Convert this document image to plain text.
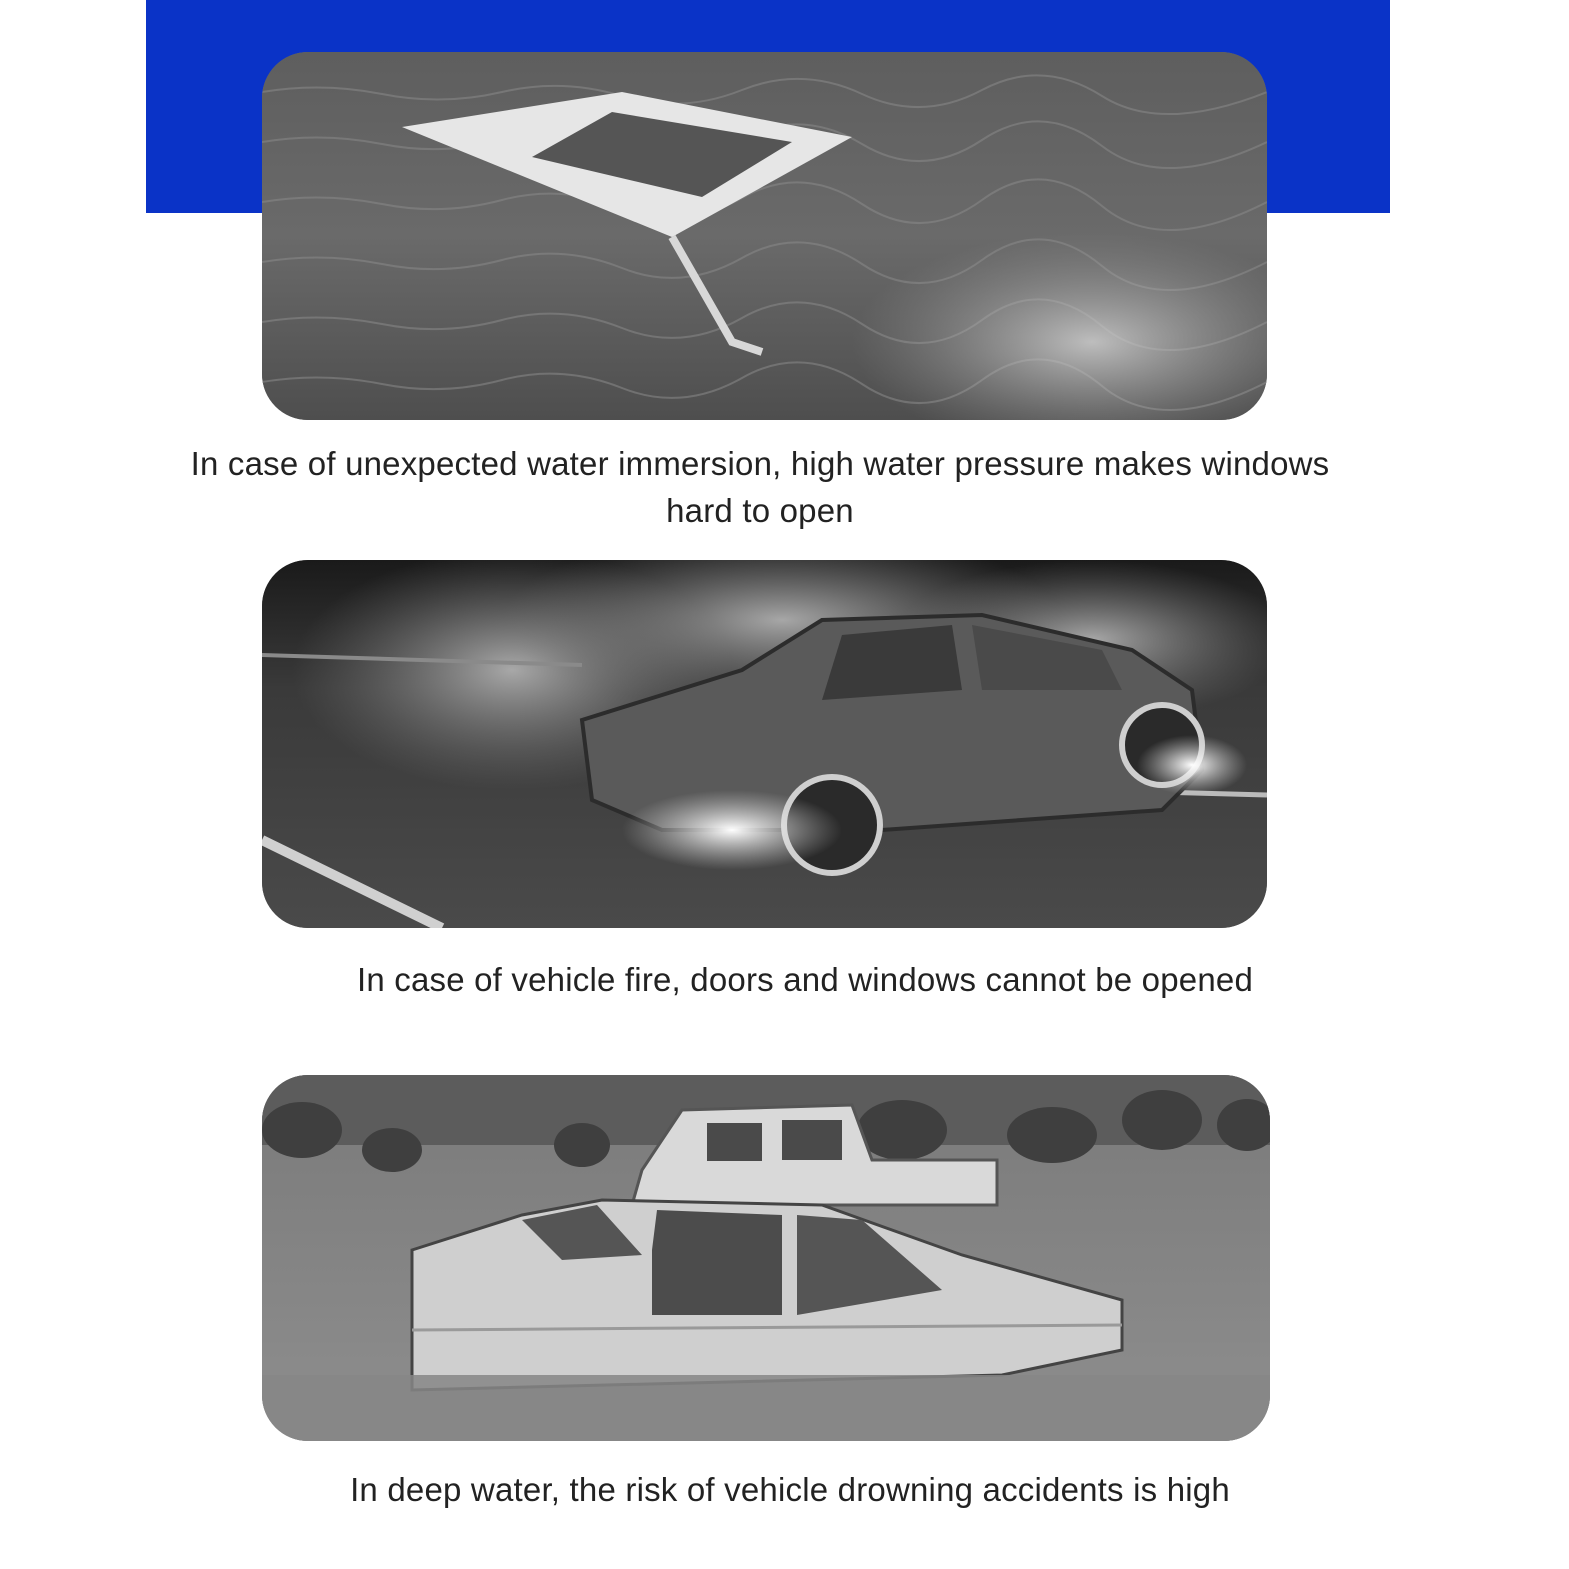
In case of unexpected water immersion, high water pressure makes windows hard to open

In case of vehicle fire, doors and windows cannot be opened

In deep water, the risk of vehicle drowning accidents is high
